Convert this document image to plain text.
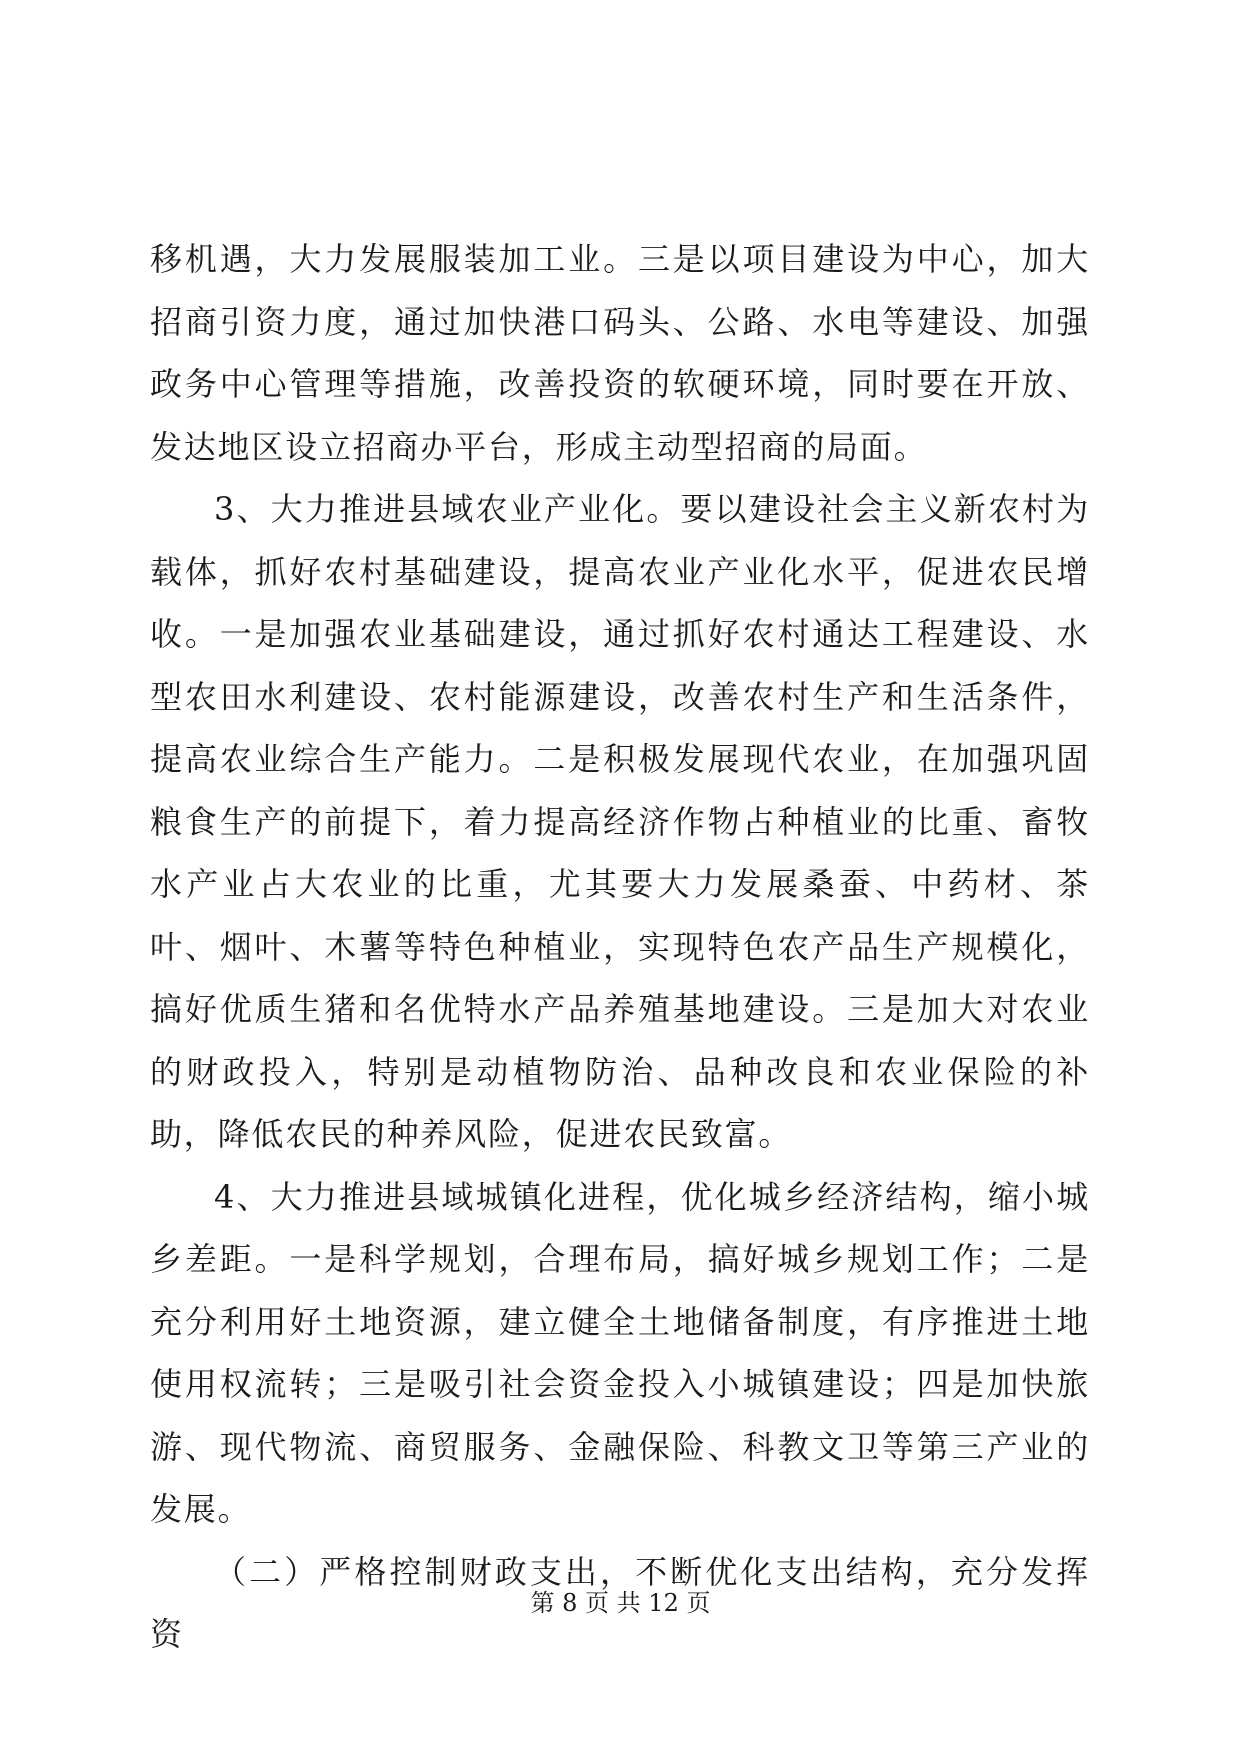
移机遇，大力发展服装加工业。三是以项目建设为中心，加大招商引资力度，通过加快港口码头、公路、水电等建设、加强政务中心管理等措施，改善投资的软硬环境，同时要在开放、发达地区设立招商办平台，形成主动型招商的局面。

3、大力推进县域农业产业化。要以建设社会主义新农村为载体，抓好农村基础建设，提高农业产业化水平，促进农民增收。一是加强农业基础建设，通过抓好农村通达工程建设、水型农田水利建设、农村能源建设，改善农村生产和生活条件，提高农业综合生产能力。二是积极发展现代农业，在加强巩固粮食生产的前提下，着力提高经济作物占种植业的比重、畜牧水产业占大农业的比重，尤其要大力发展桑蚕、中药材、茶叶、烟叶、木薯等特色种植业，实现特色农产品生产规模化，搞好优质生猪和名优特水产品养殖基地建设。三是加大对农业的财政投入，特别是动植物防治、品种改良和农业保险的补助，降低农民的种养风险，促进农民致富。

4、大力推进县域城镇化进程，优化城乡经济结构，缩小城乡差距。一是科学规划，合理布局，搞好城乡规划工作；二是充分利用好土地资源，建立健全土地储备制度，有序推进土地使用权流转；三是吸引社会资金投入小城镇建设；四是加快旅游、现代物流、商贸服务、金融保险、科教文卫等第三产业的发展。

（二）严格控制财政支出，不断优化支出结构，充分发挥资

第 8 页 共 12 页
